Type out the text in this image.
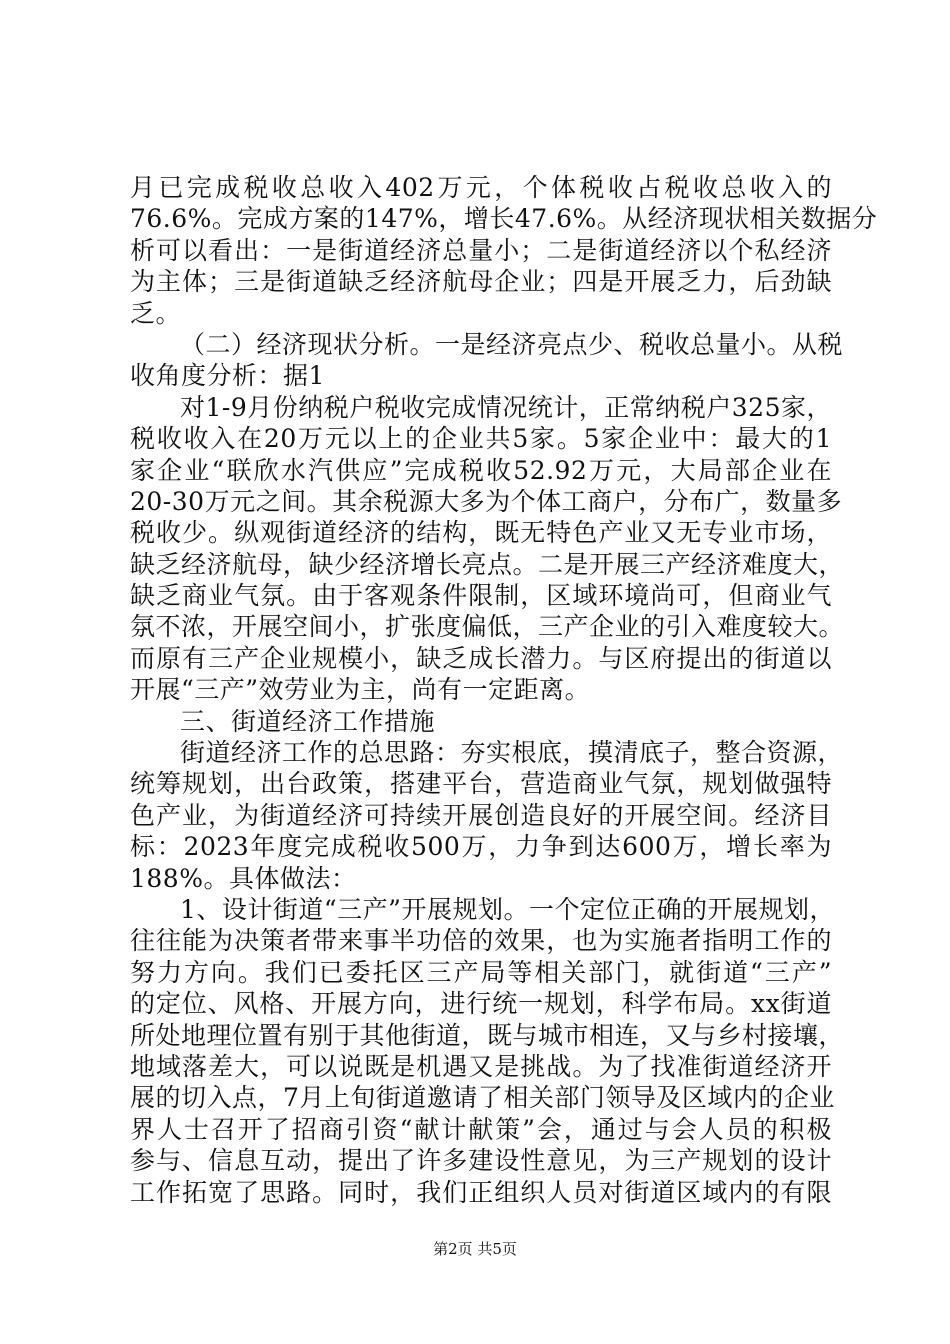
月已完成税收总收入402万元，个体税收占税收总收入的
76.6%。完成方案的147%，增长47.6%。从经济现状相关数据分
析可以看出：一是街道经济总量小；二是街道经济以个私经济
为主体；三是街道缺乏经济航母企业；四是开展乏力，后劲缺
乏。
（二）经济现状分析。一是经济亮点少、税收总量小。从税
收角度分析：据1
对1-9月份纳税户税收完成情况统计，正常纳税户325家，
税收收入在20万元以上的企业共5家。5家企业中：最大的1
家企业“联欣水汽供应”完成税收52.92万元，大局部企业在
20-30万元之间。其余税源大多为个体工商户，分布广，数量多
税收少。纵观街道经济的结构，既无特色产业又无专业市场，
缺乏经济航母，缺少经济增长亮点。二是开展三产经济难度大，
缺乏商业气氛。由于客观条件限制，区域环境尚可，但商业气
氛不浓，开展空间小，扩张度偏低，三产企业的引入难度较大。
而原有三产企业规模小，缺乏成长潜力。与区府提出的街道以
开展“三产”效劳业为主，尚有一定距离。
三、街道经济工作措施
街道经济工作的总思路：夯实根底，摸清底子，整合资源，
统筹规划，出台政策，搭建平台，营造商业气氛，规划做强特
色产业，为街道经济可持续开展创造良好的开展空间。经济目
标：2023年度完成税收500万，力争到达600万，增长率为
188%。具体做法：
1、设计街道“三产”开展规划。一个定位正确的开展规划，
往往能为决策者带来事半功倍的效果，也为实施者指明工作的
努力方向。我们已委托区三产局等相关部门，就街道“三产”
的定位、风格、开展方向，进行统一规划，科学布局。xx街道
所处地理位置有别于其他街道，既与城市相连，又与乡村接壤，
地域落差大，可以说既是机遇又是挑战。为了找准街道经济开
展的切入点，7月上旬街道邀请了相关部门领导及区域内的企业
界人士召开了招商引资“献计献策”会，通过与会人员的积极
参与、信息互动，提出了许多建设性意见，为三产规划的设计
工作拓宽了思路。同时，我们正组织人员对街道区域内的有限
第2页 共5页
